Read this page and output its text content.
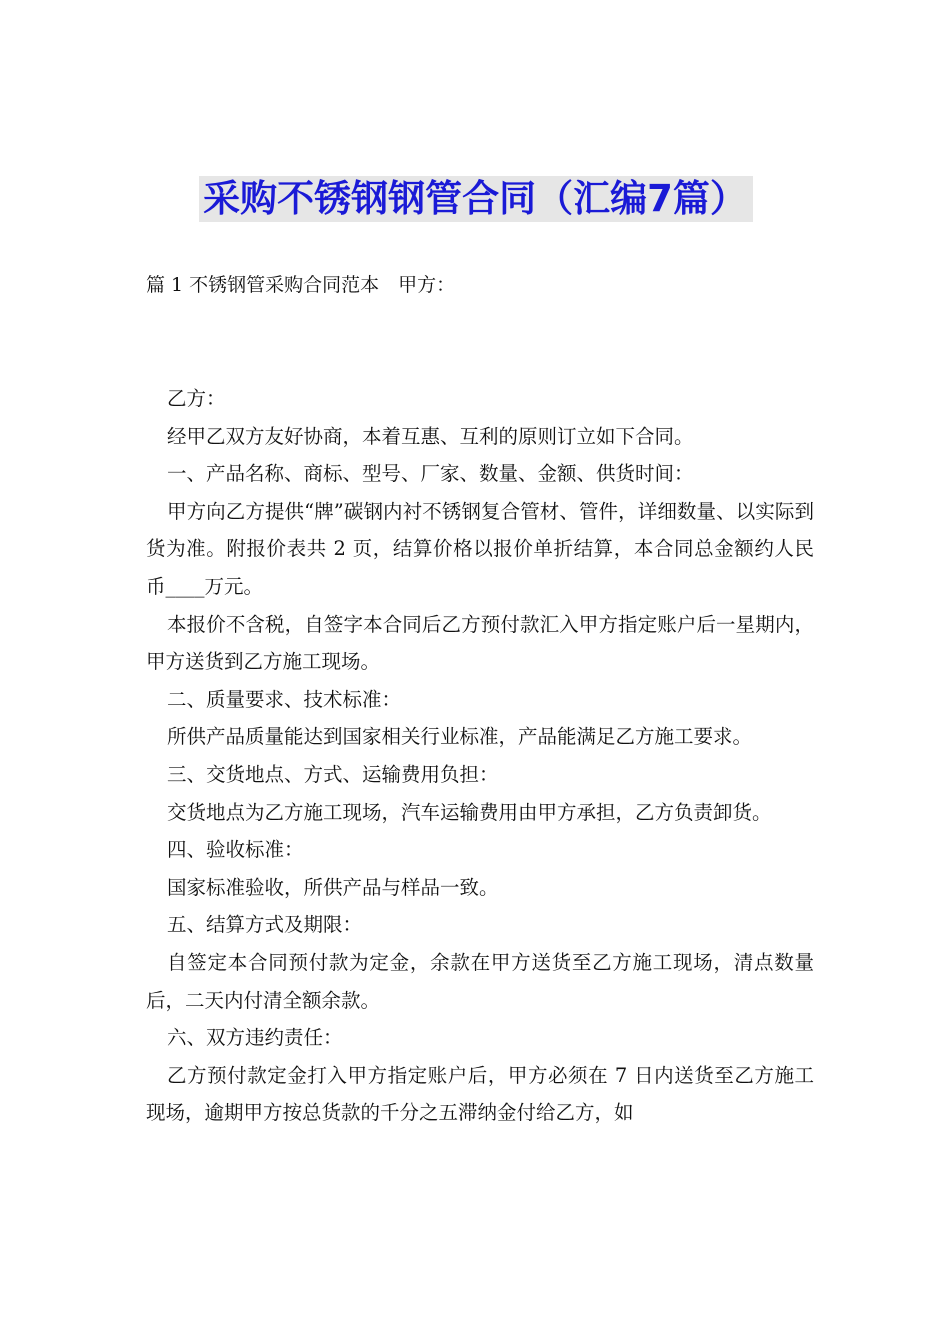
采购不锈钢钢管合同（汇编7篇）
篇 1 不锈钢管采购合同范本　甲方：

乙方：

经甲乙双方友好协商，本着互惠、互利的原则订立如下合同。

一、产品名称、商标、型号、厂家、数量、金额、供货时间：

甲方向乙方提供“牌”碳钢内衬不锈钢复合管材、管件，详细数量、以实际到货为准。附报价表共 2 页，结算价格以报价单折结算，本合同总金额约人民币____万元。

本报价不含税，自签字本合同后乙方预付款汇入甲方指定账户后一星期内，甲方送货到乙方施工现场。

二、质量要求、技术标准：

所供产品质量能达到国家相关行业标准，产品能满足乙方施工要求。

三、交货地点、方式、运输费用负担：

交货地点为乙方施工现场，汽车运输费用由甲方承担，乙方负责卸货。

四、验收标准：

国家标准验收，所供产品与样品一致。

五、结算方式及期限：

自签定本合同预付款为定金，余款在甲方送货至乙方施工现场，清点数量后，二天内付清全额余款。

六、双方违约责任：

乙方预付款定金打入甲方指定账户后，甲方必须在 7 日内送货至乙方施工现场，逾期甲方按总货款的千分之五滞纳金付给乙方，如
